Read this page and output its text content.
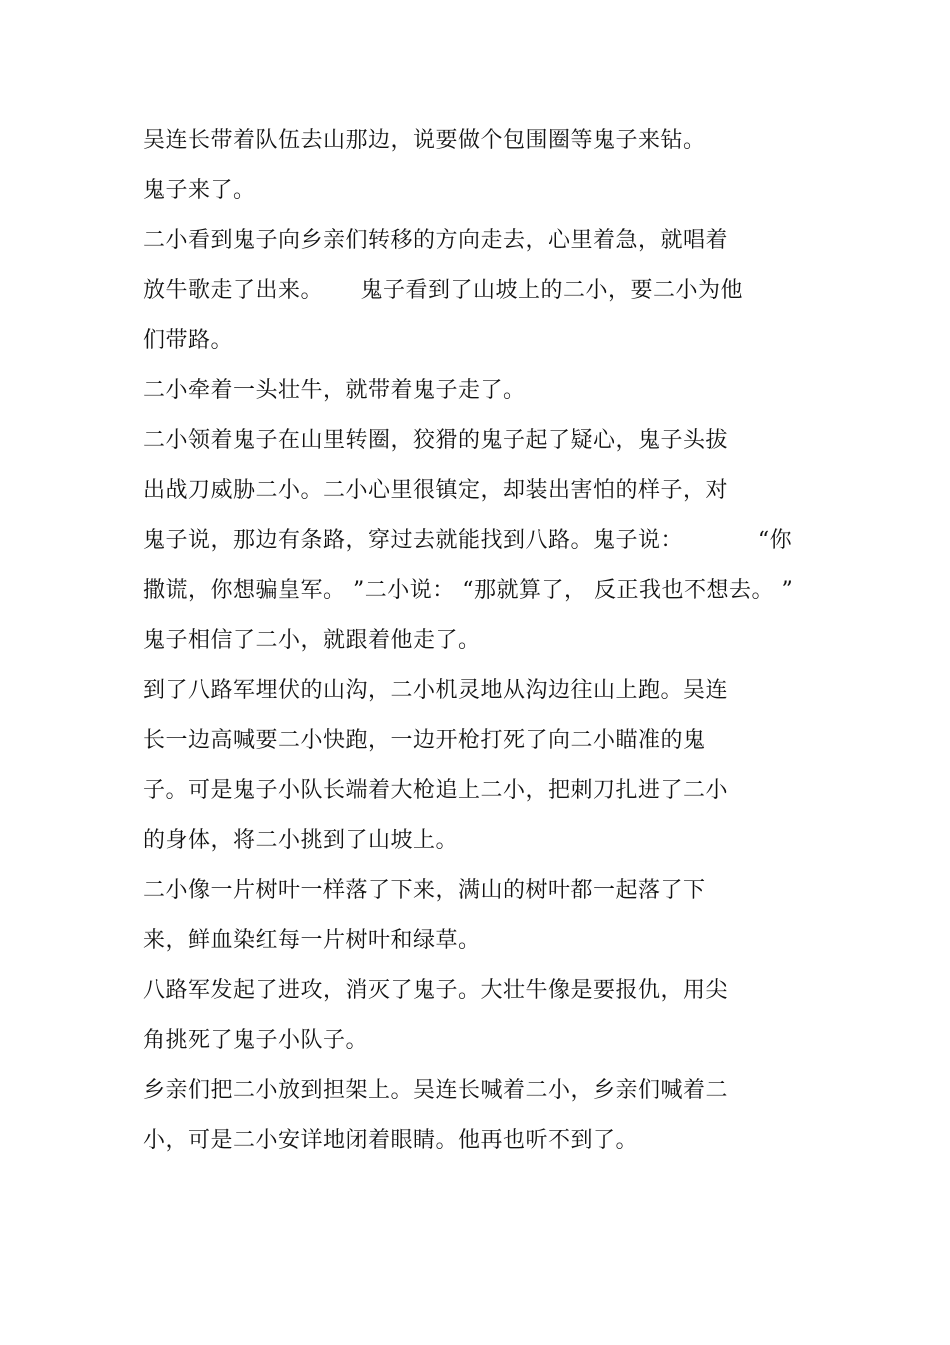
吴连长带着队伍去山那边，说要做个包围圈等鬼子来钻。
鬼子来了。
二小看到鬼子向乡亲们转移的方向走去，心里着急，就唱着
放牛歌走了出来。     鬼子看到了山坡上的二小，要二小为他
们带路。
二小牵着一头壮牛，就带着鬼子走了。
二小领着鬼子在山里转圈，狡猾的鬼子起了疑心，鬼子头拔
出战刀威胁二小。二小心里很镇定，却装出害怕的样子，对
鬼子说，那边有条路，穿过去就能找到八路。鬼子说：          “你
撒谎，你想骗皇军。 ”二小说： “那就算了， 反正我也不想去。 ”
鬼子相信了二小，就跟着他走了。
到了八路军埋伏的山沟，二小机灵地从沟边往山上跑。吴连
长一边高喊要二小快跑，一边开枪打死了向二小瞄准的鬼
子。可是鬼子小队长端着大枪追上二小，把刺刀扎进了二小
的身体，将二小挑到了山坡上。
二小像一片树叶一样落了下来，满山的树叶都一起落了下
来，鲜血染红每一片树叶和绿草。
八路军发起了进攻，消灭了鬼子。大壮牛像是要报仇，用尖
角挑死了鬼子小队子。
乡亲们把二小放到担架上。吴连长喊着二小，乡亲们喊着二
小，可是二小安详地闭着眼睛。他再也听不到了。
